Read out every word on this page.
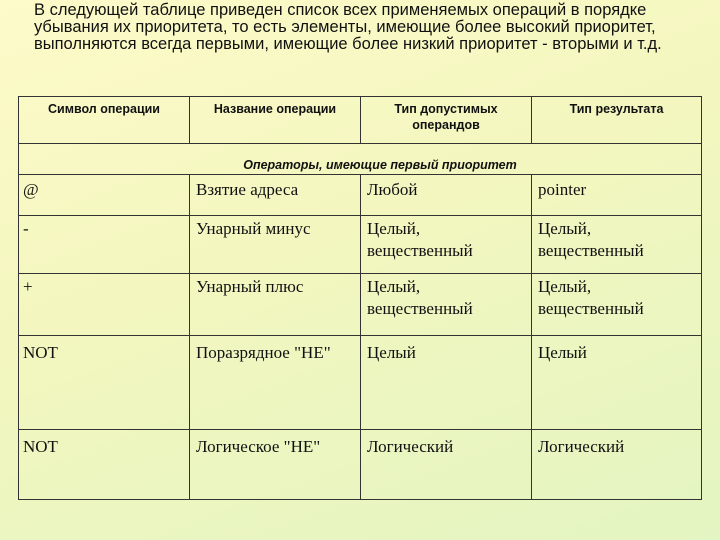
В следующей таблице приведен список всех применяемых операций в порядке убывания их приоритета, то есть элементы, имеющие более высокий приоритет, выполняются всегда первыми, имеющие более низкий приоритет - вторыми и т.д.
Символ операции	Название операции	Тип допустимых операндов	Тип результата
Операторы, имеющие первый приоритет			
@	Взятие адреса	Любой	pointer
-	Унарный минус	Целый, вещественный	Целый, вещественный
+	Унарный плюс	Целый, вещественный	Целый, вещественный
NOT	Поразрядное "НЕ"	Целый	Целый
NOT	Логическое "НЕ"	Логический	Логический
